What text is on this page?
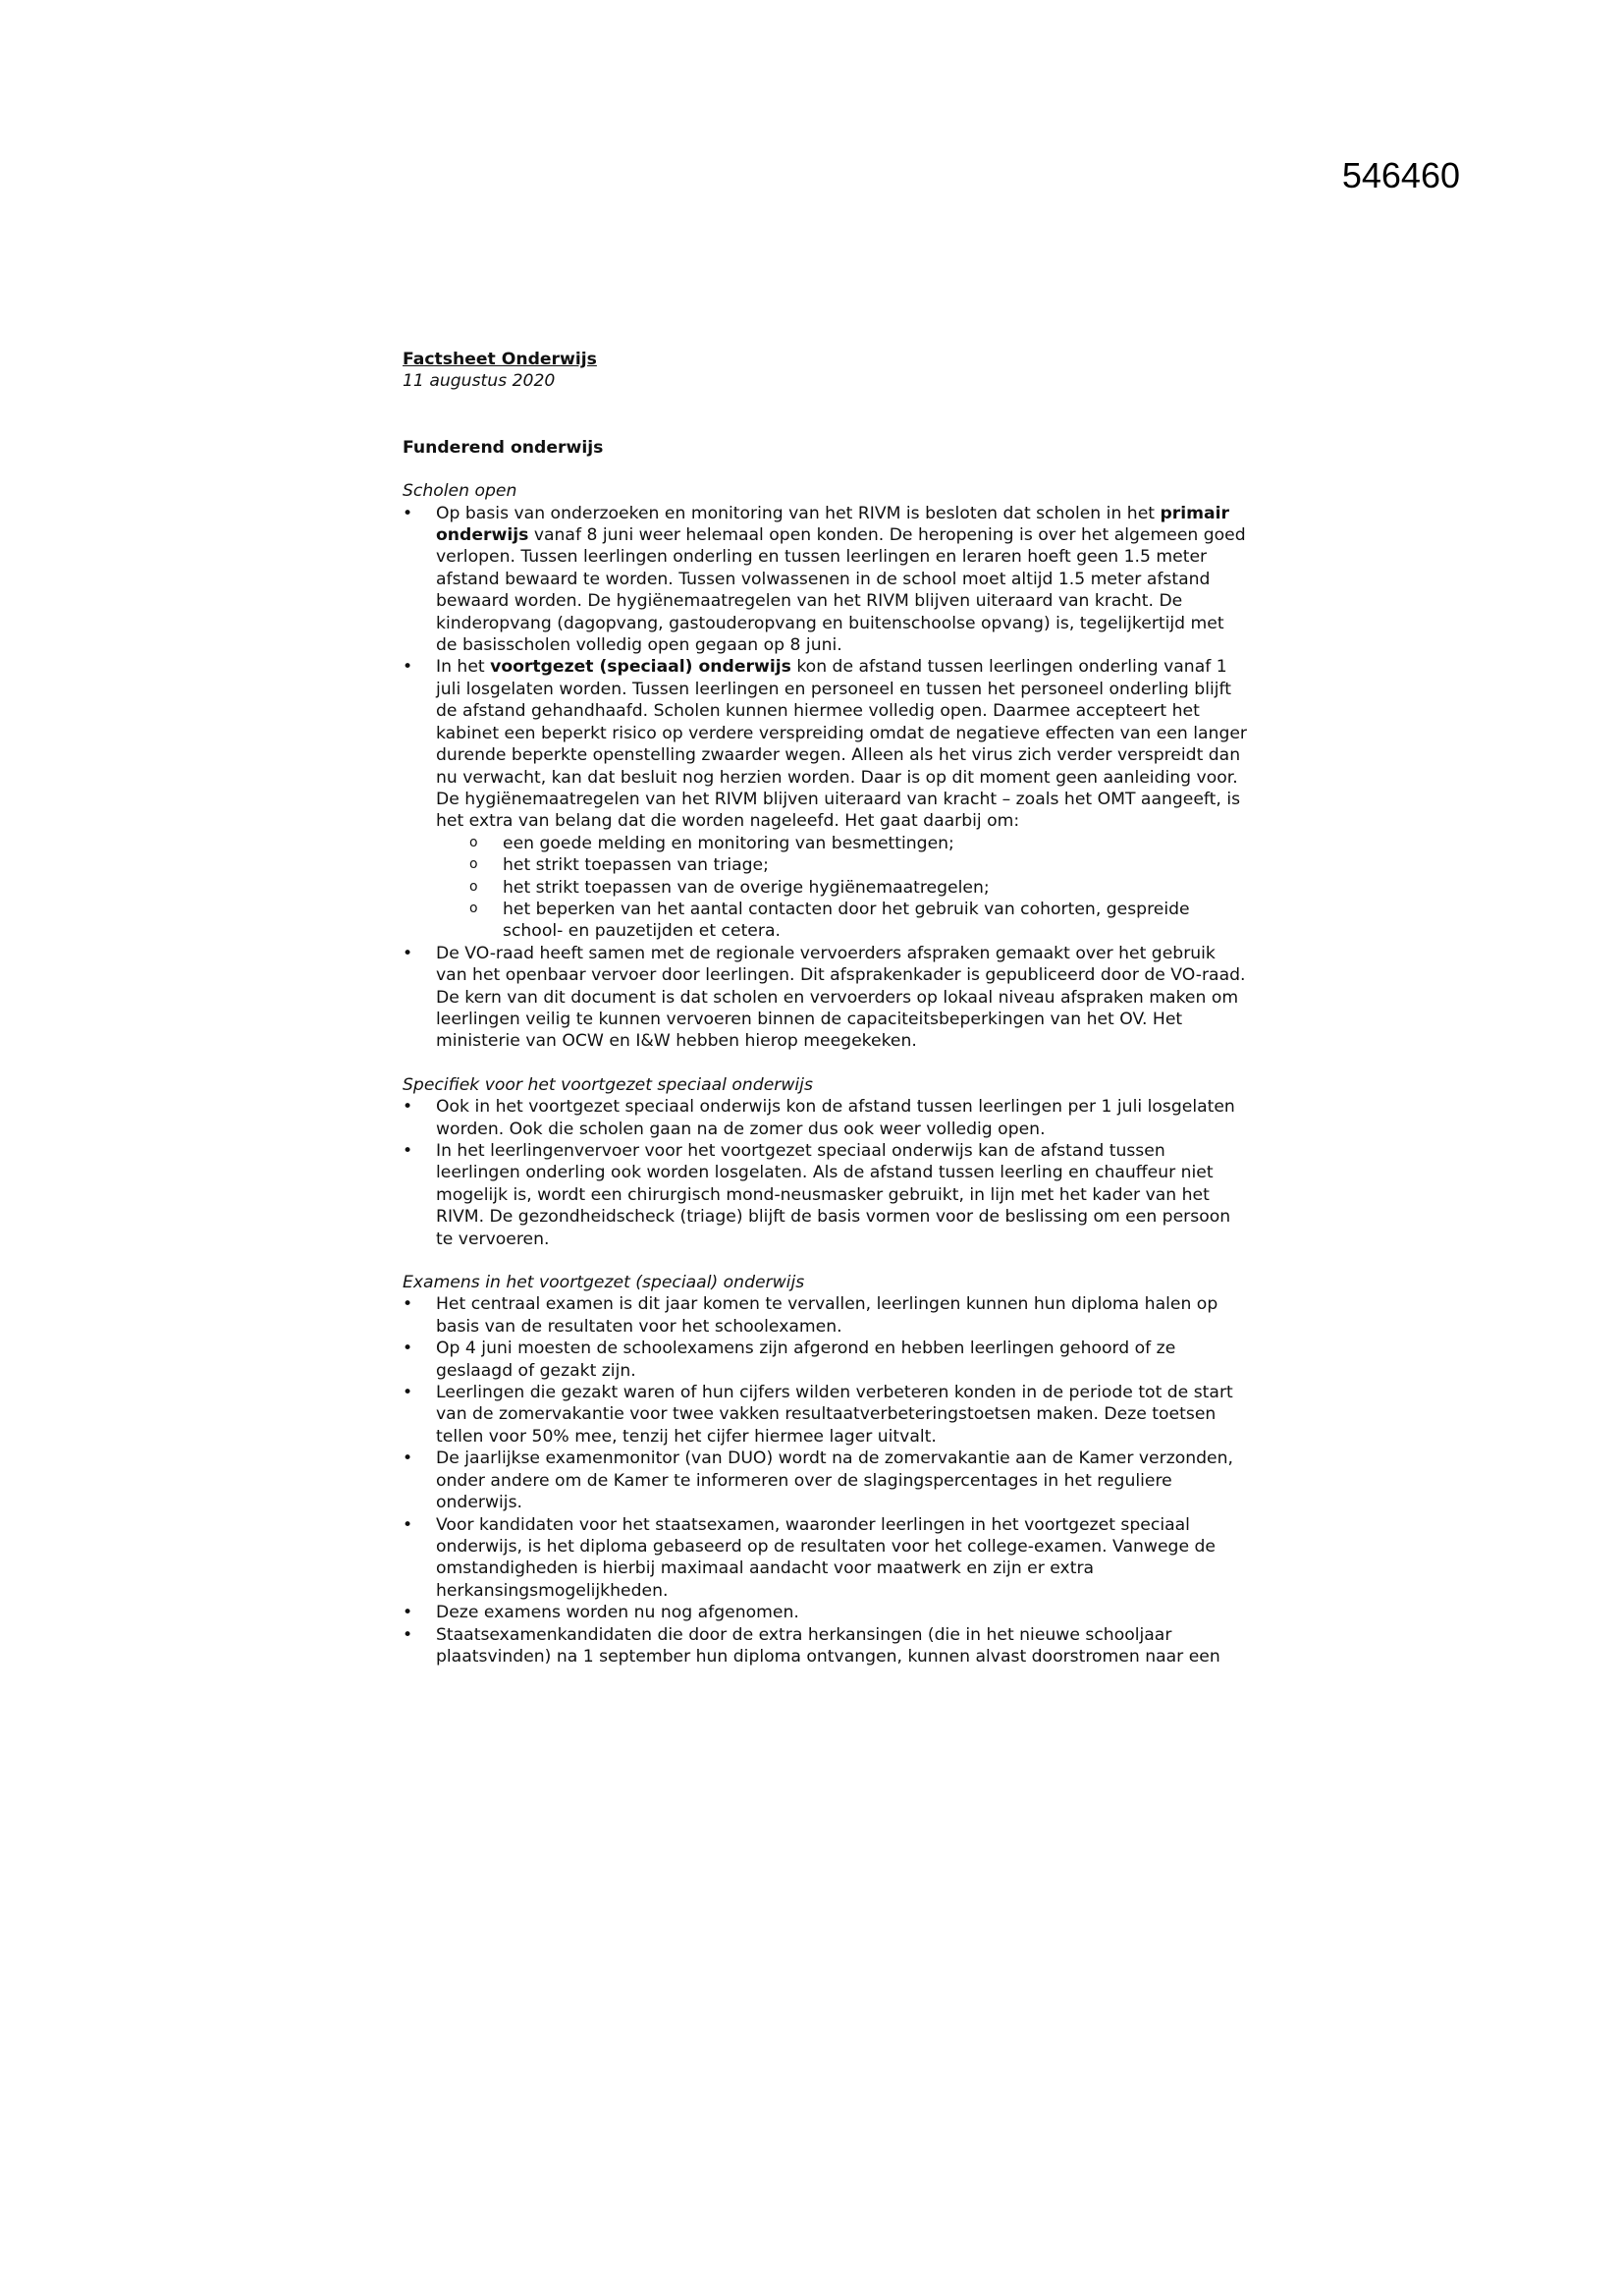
546460

Factsheet Onderwijs

11 augustus 2020

Funderend onderwijs

Scholen open

• Op basis van onderzoeken en monitoring van het RIVM is besloten dat scholen in het primair onderwijs vanaf 8 juni weer helemaal open konden. De heropening is over het algemeen goed verlopen. Tussen leerlingen onderling en tussen leerlingen en leraren hoeft geen 1.5 meter afstand bewaard te worden. Tussen volwassenen in de school moet altijd 1.5 meter afstand bewaard worden. De hygiënemaatregelen van het RIVM blijven uiteraard van kracht. De kinderopvang (dagopvang, gastouderopvang en buitenschoolse opvang) is, tegelijkertijd met de basisscholen volledig open gegaan op 8 juni.
• In het voortgezet (speciaal) onderwijs kon de afstand tussen leerlingen onderling vanaf 1 juli losgelaten worden. Tussen leerlingen en personeel en tussen het personeel onderling blijft de afstand gehandhaafd. Scholen kunnen hiermee volledig open. Daarmee accepteert het kabinet een beperkt risico op verdere verspreiding omdat de negatieve effecten van een langer durende beperkte openstelling zwaarder wegen. Alleen als het virus zich verder verspreidt dan nu verwacht, kan dat besluit nog herzien worden. Daar is op dit moment geen aanleiding voor. De hygiënemaatregelen van het RIVM blijven uiteraard van kracht – zoals het OMT aangeeft, is het extra van belang dat die worden nageleefd. Het gaat daarbij om:
o een goede melding en monitoring van besmettingen;
o het strikt toepassen van triage;
o het strikt toepassen van de overige hygiënemaatregelen;
o het beperken van het aantal contacten door het gebruik van cohorten, gespreide school- en pauzetijden et cetera.
• De VO-raad heeft samen met de regionale vervoerders afspraken gemaakt over het gebruik van het openbaar vervoer door leerlingen. Dit afsprakenkader is gepubliceerd door de VO-raad. De kern van dit document is dat scholen en vervoerders op lokaal niveau afspraken maken om leerlingen veilig te kunnen vervoeren binnen de capaciteitsbeperkingen van het OV. Het ministerie van OCW en I&W hebben hierop meegekeken.

Specifiek voor het voortgezet speciaal onderwijs

• Ook in het voortgezet speciaal onderwijs kon de afstand tussen leerlingen per 1 juli losgelaten worden. Ook die scholen gaan na de zomer dus ook weer volledig open.
• In het leerlingenvervoer voor het voortgezet speciaal onderwijs kan de afstand tussen leerlingen onderling ook worden losgelaten. Als de afstand tussen leerling en chauffeur niet mogelijk is, wordt een chirurgisch mond-neusmasker gebruikt, in lijn met het kader van het RIVM. De gezondheidscheck (triage) blijft de basis vormen voor de beslissing om een persoon te vervoeren.

Examens in het voortgezet (speciaal) onderwijs

• Het centraal examen is dit jaar komen te vervallen, leerlingen kunnen hun diploma halen op basis van de resultaten voor het schoolexamen.
• Op 4 juni moesten de schoolexamens zijn afgerond en hebben leerlingen gehoord of ze geslaagd of gezakt zijn.
• Leerlingen die gezakt waren of hun cijfers wilden verbeteren konden in de periode tot de start van de zomervakantie voor twee vakken resultaatverbeteringstoetsen maken. Deze toetsen tellen voor 50% mee, tenzij het cijfer hiermee lager uitvalt.
• De jaarlijkse examenmonitor (van DUO) wordt na de zomervakantie aan de Kamer verzonden, onder andere om de Kamer te informeren over de slagingspercentages in het reguliere onderwijs.
• Voor kandidaten voor het staatsexamen, waaronder leerlingen in het voortgezet speciaal onderwijs, is het diploma gebaseerd op de resultaten voor het college-examen. Vanwege de omstandigheden is hierbij maximaal aandacht voor maatwerk en zijn er extra herkansingsmogelijkheden.
• Deze examens worden nu nog afgenomen.
• Staatsexamenkandidaten die door de extra herkansingen (die in het nieuwe schooljaar plaatsvinden) na 1 september hun diploma ontvangen, kunnen alvast doorstromen naar een
